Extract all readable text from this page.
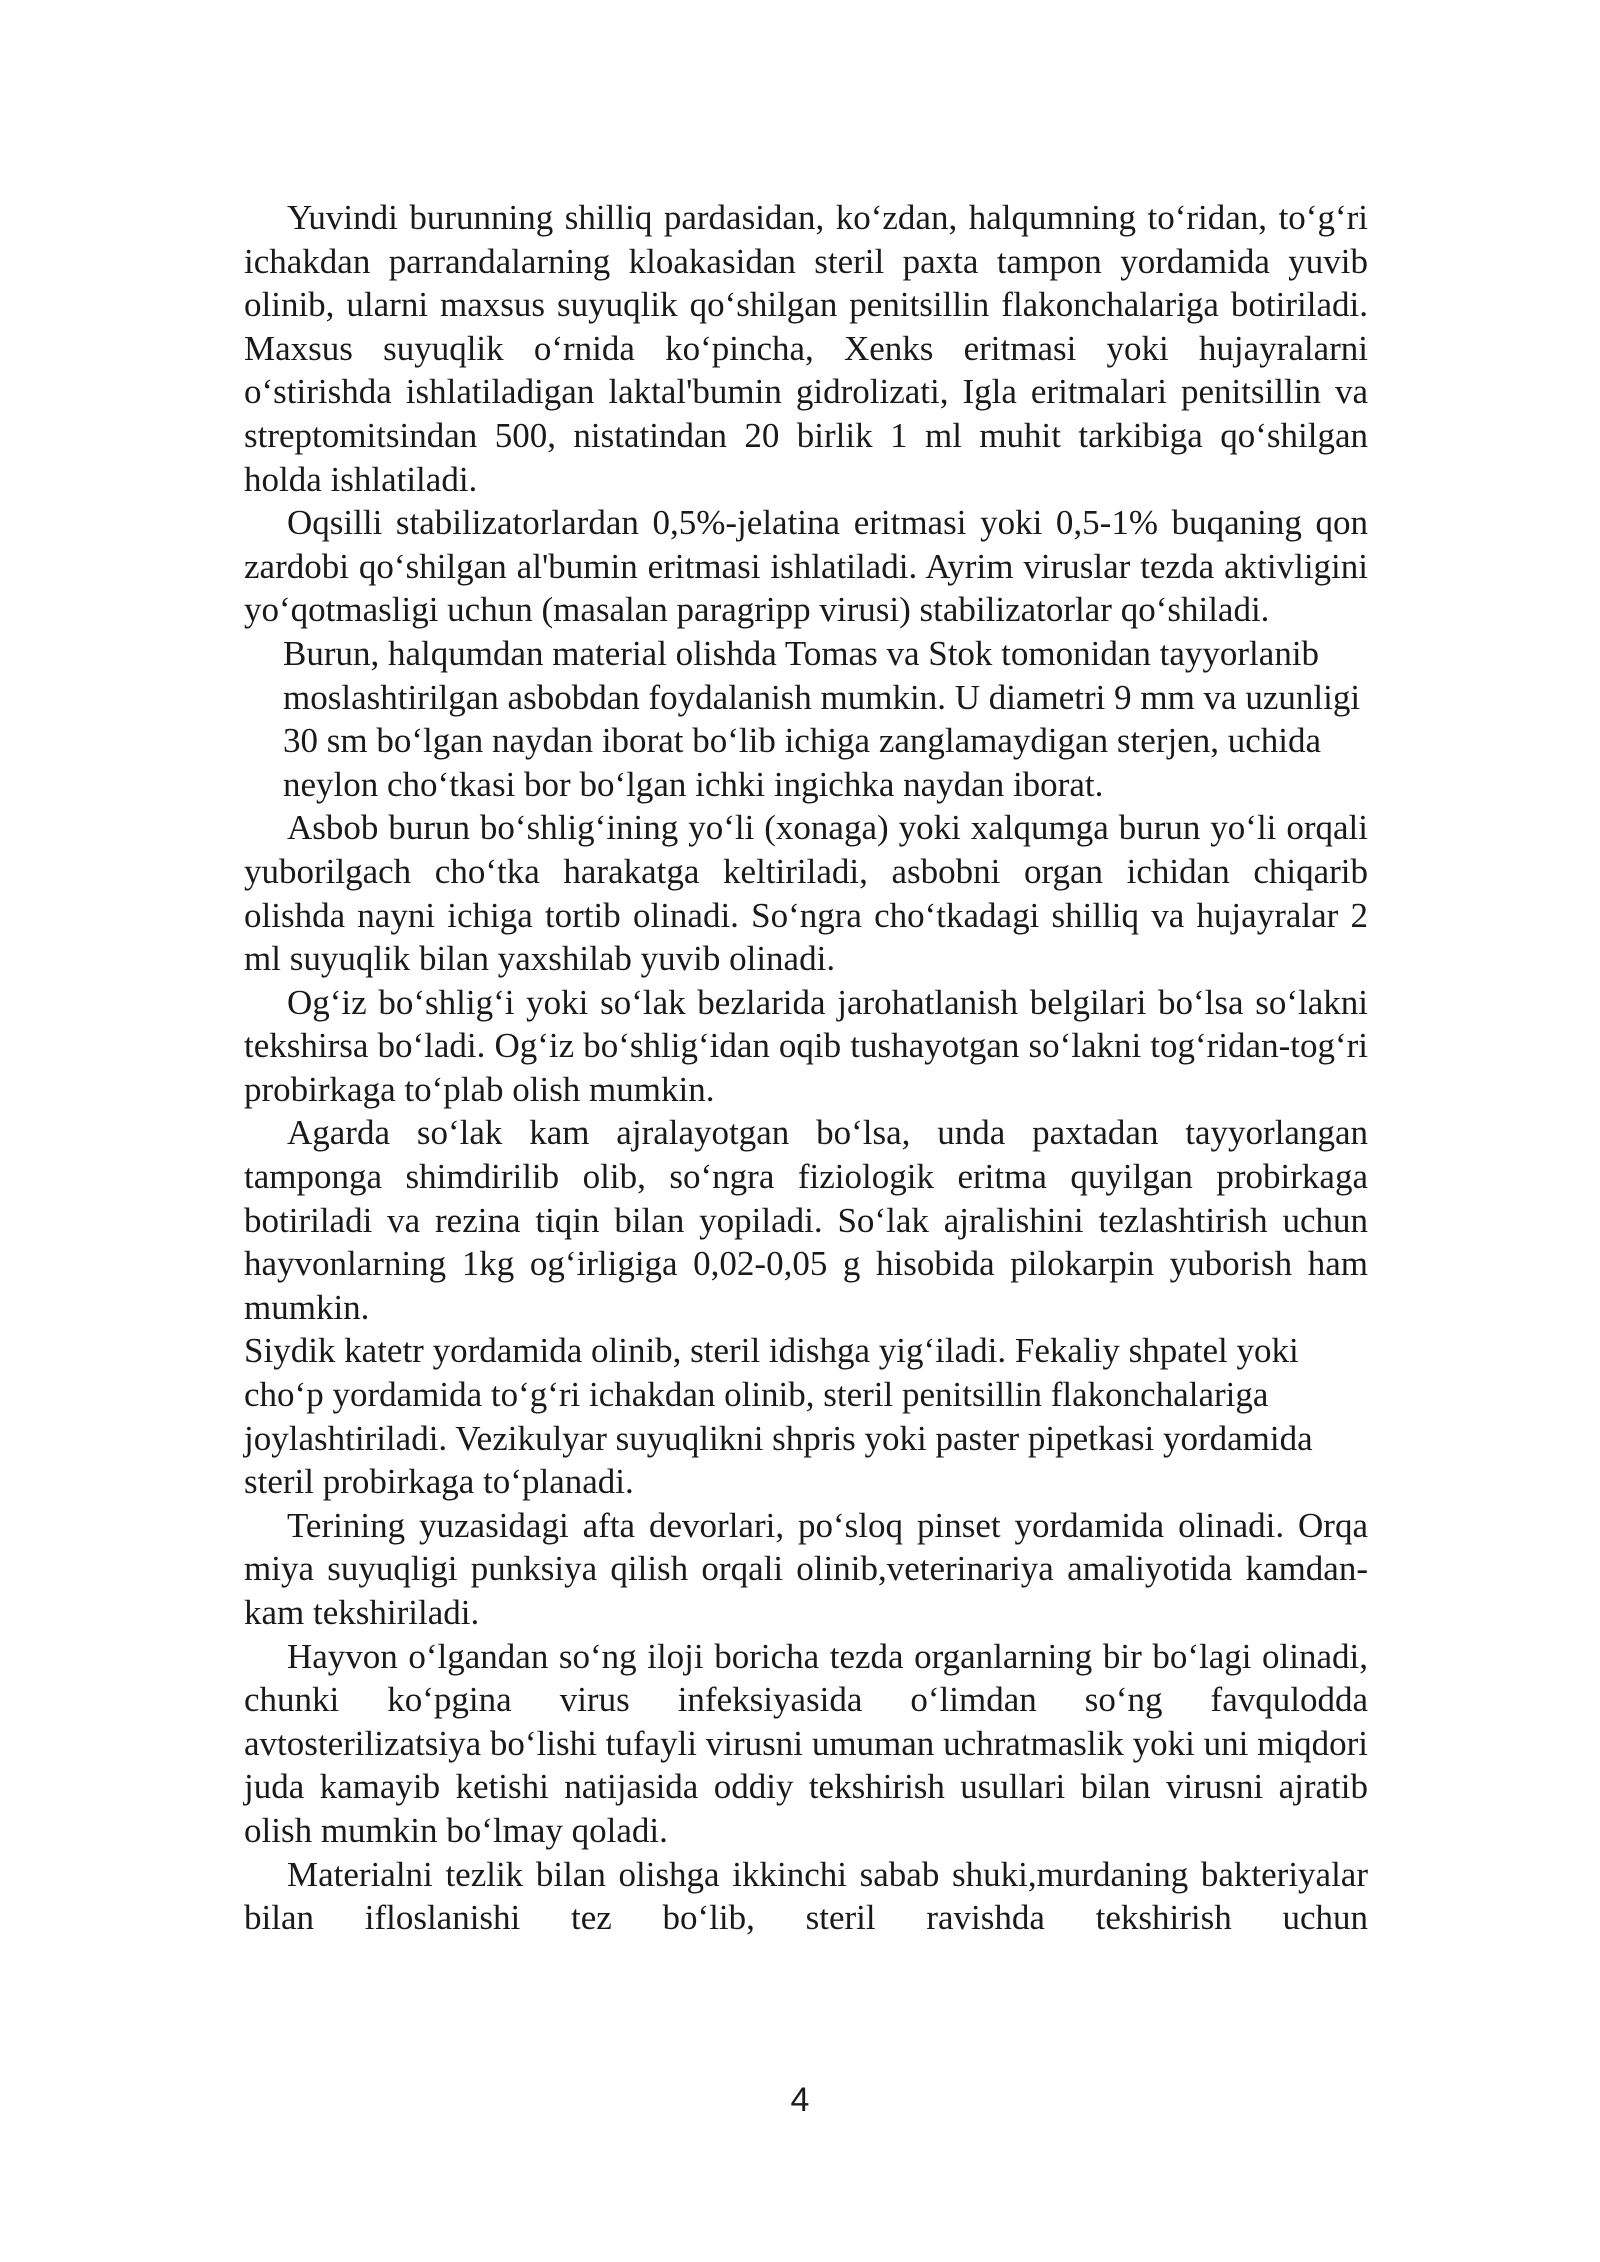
Yuvindi burunning shilliq pardasidan, ko‘zdan, halqumning to‘ridan, to‘g‘ri ichakdan parrandalarning kloakasidan steril paxta tampon yordamida yuvib olinib, ularni maxsus suyuqlik qo‘shilgan penitsillin flakonchalariga botiriladi. Maxsus suyuqlik o‘rnida ko‘pincha, Xenks eritmasi yoki hujayralarni o‘stirishda ishlatiladigan laktal'bumin gidrolizati, Igla eritmalari penitsillin va streptomitsindan 500, nistatindan 20 birlik 1 ml muhit tarkibiga qo‘shilgan holda ishlatiladi.

Oqsilli stabilizatorlardan 0,5%-jelatina eritmasi yoki 0,5-1% buqaning qon zardobi qo‘shilgan al'bumin eritmasi ishlatiladi. Ayrim viruslar tezda aktivligini yo‘qotmasligi uchun (masalan paragripp virusi) stabilizatorlar qo‘shiladi.

Burun, halqumdan material olishda Tomas va Stok tomonidan tayyorlanib moslashtirilgan asbobdan foydalanish mumkin. U diametri 9 mm va uzunligi 30 sm bo‘lgan naydan iborat bo‘lib ichiga zanglamaydigan sterjen, uchida neylon cho‘tkasi bor bo‘lgan ichki ingichka naydan iborat.

Asbob burun bo‘shlig‘ining yo‘li (xonaga) yoki xalqumga burun yo‘li orqali yuborilgach cho‘tka harakatga keltiriladi, asbobni organ ichidan chiqarib olishda nayni ichiga tortib olinadi. So‘ngra cho‘tkadagi shilliq va hujayralar 2 ml suyuqlik bilan yaxshilab yuvib olinadi.

Og‘iz bo‘shlig‘i yoki so‘lak bezlarida jarohatlanish belgilari bo‘lsa so‘lakni tekshirsa bo‘ladi. Og‘iz bo‘shlig‘idan oqib tushayotgan so‘lakni tog‘ridan-tog‘ri probirkaga to‘plab olish mumkin.

Agarda so‘lak kam ajralayotgan bo‘lsa, unda paxtadan tayyorlangan tamponga shimdirilib olib, so‘ngra fiziologik eritma quyilgan probirkaga botiriladi va rezina tiqin bilan yopiladi. So‘lak ajralishini tezlashtirish uchun hayvonlarning 1kg og‘irligiga 0,02-0,05 g hisobida pilokarpin yuborish ham mumkin.

Siydik katetr yordamida olinib, steril idishga yig‘iladi. Fekaliy shpatel yoki cho‘p yordamida to‘g‘ri ichakdan olinib, steril penitsillin flakonchalariga joylashtiriladi. Vezikulyar suyuqlikni shpris yoki paster pipetkasi yordamida steril probirkaga to‘planadi.

Terining yuzasidagi afta devorlari, po‘sloq pinset yordamida olinadi. Orqa miya suyuqligi punksiya qilish orqali olinib,veterinariya amaliyotida kamdan-kam tekshiriladi.

Hayvon o‘lgandan so‘ng iloji boricha tezda organlarning bir bo‘lagi olinadi, chunki ko‘pgina virus infeksiyasida o‘limdan so‘ng favqulodda avtosterilizatsiya bo‘lishi tufayli virusni umuman uchratmaslik yoki uni miqdori juda kamayib ketishi natijasida oddiy tekshirish usullari bilan virusni ajratib olish mumkin bo‘lmay qoladi.

Materialni tezlik bilan olishga ikkinchi sabab shuki,murdaning bakteriyalar bilan ifloslanishi tez bo‘lib, steril ravishda tekshirish uchun

4
